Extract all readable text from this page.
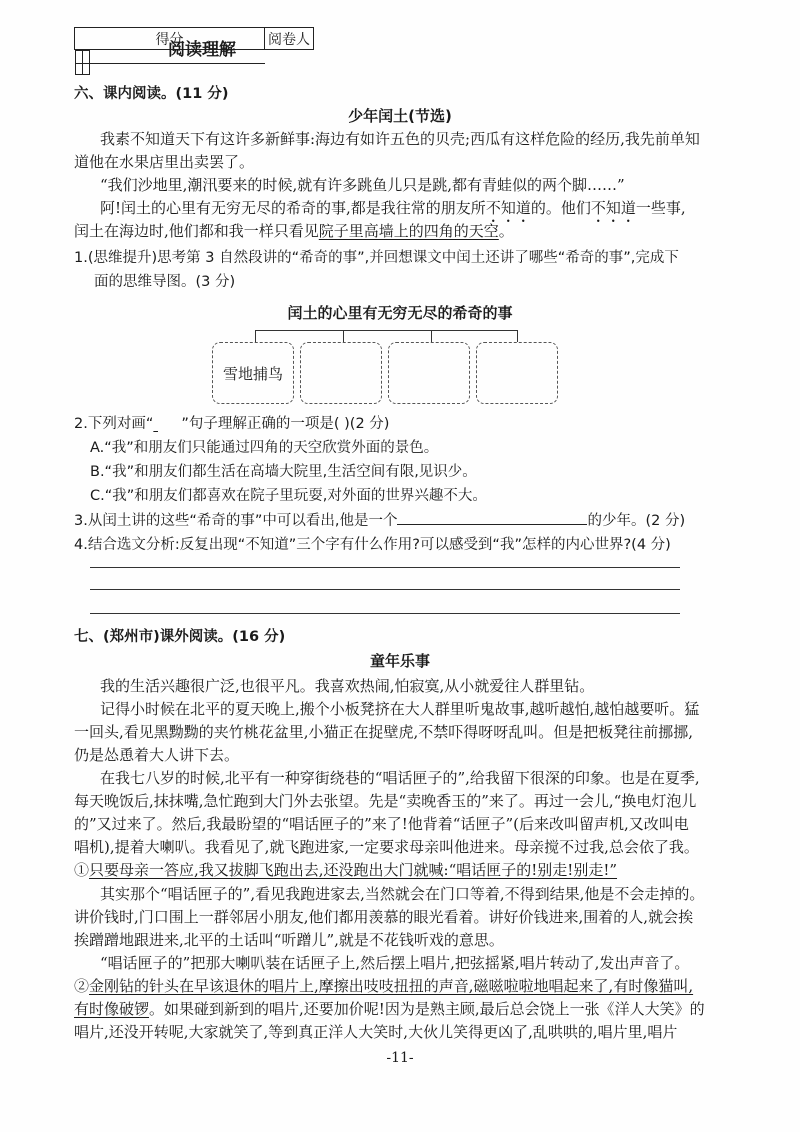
得分	阅卷人

阅读理解
六、课内阅读。(11 分)
少年闰土(节选)
我素不知道天下有这许多新鲜事:海边有如许五色的贝壳;西瓜有这样危险的经历,我先前单知
道他在水果店里出卖罢了。
“我们沙地里,潮汛要来的时候,就有许多跳鱼儿只是跳,都有青蛙似的两个脚……”
阿!闰土的心里有无穷无尽的希奇的事,都是我往常的朋友所不知道的。他们不知道一些事,
闰土在海边时,他们都和我一样只看见院子里高墙上的四角的天空。
1.(思维提升)思考第 3 自然段讲的“希奇的事”,并回想课文中闰土还讲了哪些“希奇的事”,完成下
面的思维导图。(3 分)
闰土的心里有无穷无尽的希奇的事
雪地捕鸟
2.下列对画“ ”句子理解正确的一项是( )(2 分)
A.“我”和朋友们只能通过四角的天空欣赏外面的景色。
B.“我”和朋友们都生活在高墙大院里,生活空间有限,见识少。
C.“我”和朋友们都喜欢在院子里玩耍,对外面的世界兴趣不大。
3.从闰土讲的这些“希奇的事”中可以看出,他是一个	的少年。(2 分)
4.结合选文分析:反复出现“不知道”三个字有什么作用?可以感受到“我”怎样的内心世界?(4 分)
七、(郑州市)课外阅读。(16 分)
童年乐事
我的生活兴趣很广泛,也很平凡。我喜欢热闹,怕寂寞,从小就爱往人群里钻。
记得小时候在北平的夏天晚上,搬个小板凳挤在大人群里听鬼故事,越听越怕,越怕越要听。猛
一回头,看见黑黝黝的夹竹桃花盆里,小猫正在捉壁虎,不禁吓得呀呀乱叫。但是把板凳往前挪挪,
仍是怂恿着大人讲下去。
在我七八岁的时候,北平有一种穿街绕巷的“唱话匣子的”,给我留下很深的印象。也是在夏季,
每天晚饭后,抹抹嘴,急忙跑到大门外去张望。先是“卖晚香玉的”来了。再过一会儿,“换电灯泡儿
的”又过来了。然后,我最盼望的“唱话匣子的”来了!他背着“话匣子”(后来改叫留声机,又改叫电
唱机),提着大喇叭。我看见了,就飞跑进家,一定要求母亲叫他进来。母亲搅不过我,总会依了我。
①只要母亲一答应,我又拔脚飞跑出去,还没跑出大门就喊:“唱话匣子的!别走!别走!”
其实那个“唱话匣子的”,看见我跑进家去,当然就会在门口等着,不得到结果,他是不会走掉的。
讲价钱时,门口围上一群邻居小朋友,他们都用羡慕的眼光看着。讲好价钱进来,围着的人,就会挨
挨蹭蹭地跟进来,北平的土话叫“听蹭儿”,就是不花钱听戏的意思。
“唱话匣子的”把那大喇叭装在话匣子上,然后摆上唱片,把弦摇紧,唱片转动了,发出声音了。
②金刚钻的针头在早该退休的唱片上,摩擦出吱吱扭扭的声音,磁嗞啦啦地唱起来了,有时像猫叫,
有时像破锣。如果碰到新到的唱片,还要加价呢!因为是熟主顾,最后总会饶上一张《洋人大笑》的
唱片,还没开转呢,大家就笑了,等到真正洋人大笑时,大伙儿笑得更凶了,乱哄哄的,唱片里,唱片
-11-
